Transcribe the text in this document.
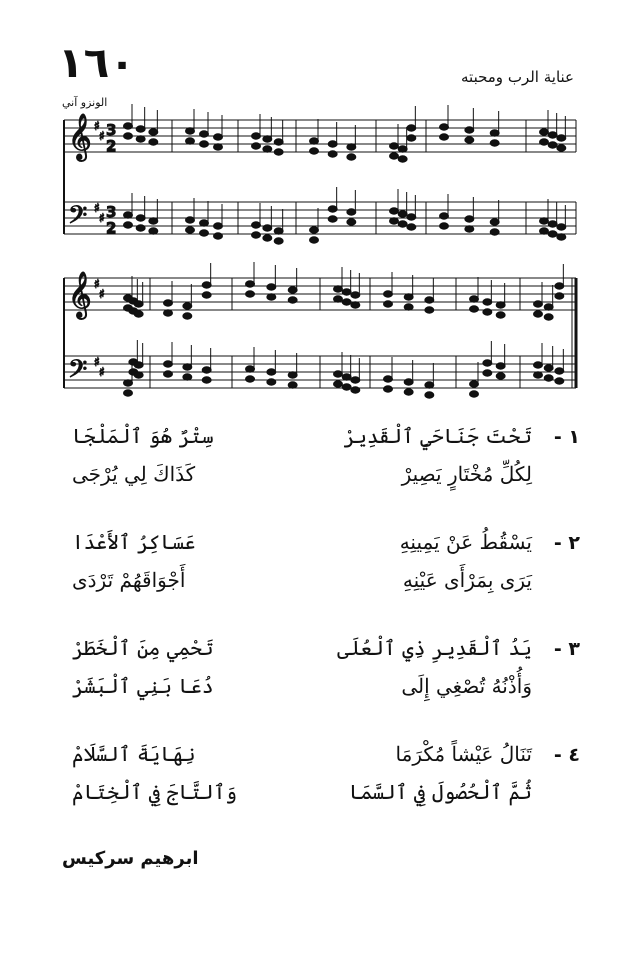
١٦٠	عناية الرب ومحبته
الونزو آني
𝄞
𝄞
𝄢
𝄢
3
2
3
2
♯
♯
♯
♯
♯
♯
♯
♯
١ -
تَحْتَ جَنَاحَيِ ٱلْقَدِيرْ
سِتْرٌ هُوَ ٱلْمَلْجَا
لِكُلِّ مُخْتَارٍ يَصِيرْ
كَذَاكَ لِي يُرْجَى
٢ -
يَسْقُطُ عَنْ يَمِينِهِ
عَسَاكِرُ ٱلأَعْدَا
يَرَى بِمَرْأَى عَيْنِهِ
أَجْوَاقَهُمْ تَرْدَى
٣ -
يَدُ ٱلْقَدِيرِ ذِي ٱلْعُلَى
تَحْمِي مِنَ ٱلْخَطَرْ
وَأُذْنُهُ تُصْغِي إِلَى
دُعَا بَنِي ٱلْبَشَرْ
٤ -
تَنَالُ عَيْشاً مُكْرَمَا
نِهَايَةَ ٱلسَّلَامْ
ثُمَّ ٱلْحُصُولَ فِي ٱلسَّمَا
وَٱلتَّاجَ فِي ٱلْخِتَامْ
ابرهيم سركيس
